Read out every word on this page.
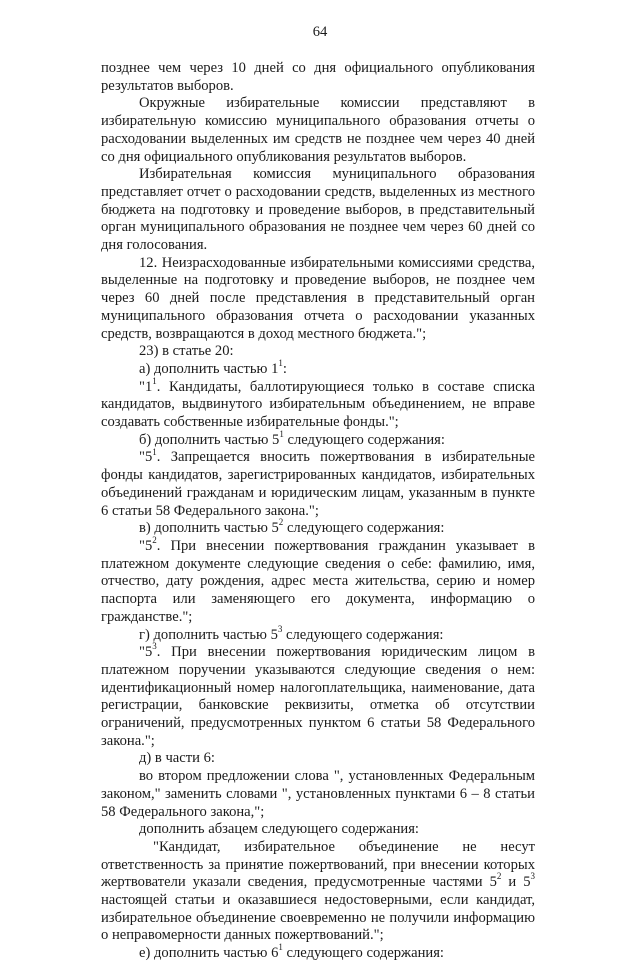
64

позднее чем через 10 дней со дня официального опубликования результатов выборов.

Окружные избирательные комиссии представляют в избирательную комиссию муниципального образования отчеты о расходовании выделенных им средств не позднее чем через 40 дней со дня официального опубликования результатов выборов.

Избирательная комиссия муниципального образования представляет отчет о расходовании средств, выделенных из местного бюджета на подготовку и проведение выборов, в представительный орган муниципального образования не позднее чем через 60 дней со дня голосования.

12. Неизрасходованные избирательными комиссиями средства, выделенные на подготовку и проведение выборов, не позднее чем через 60 дней после представления в представительный орган муниципального образования отчета о расходовании указанных средств, возвращаются в доход местного бюджета.";

23) в статье 20:

а) дополнить частью $1^1$:

"$1^1$. Кандидаты, баллотирующиеся только в составе списка кандидатов, выдвинутого избирательным объединением, не вправе создавать собственные избирательные фонды.";

б) дополнить частью $5^1$ следующего содержания:

"$5^1$. Запрещается вносить пожертвования в избирательные фонды кандидатов, зарегистрированных кандидатов, избирательных объединений гражданам и юридическим лицам, указанным в пункте 6 статьи 58 Федерального закона.";

в) дополнить частью $5^2$ следующего содержания:

"$5^2$. При внесении пожертвования гражданин указывает в платежном документе следующие сведения о себе: фамилию, имя, отчество, дату рождения, адрес места жительства, серию и номер паспорта или заменяющего его документа, информацию о гражданстве.";

г) дополнить частью $5^3$ следующего содержания:

"$5^3$. При внесении пожертвования юридическим лицом в платежном поручении указываются следующие сведения о нем: идентификационный номер налогоплательщика, наименование, дата регистрации, банковские реквизиты, отметка об отсутствии ограничений, предусмотренных пунктом 6 статьи 58 Федерального закона.";

д) в части 6:

во втором предложении слова ", установленных Федеральным законом," заменить словами ", установленных пунктами 6 – 8 статьи 58 Федерального закона,";

дополнить абзацем следующего содержания:

"Кандидат, избирательное объединение не несут ответственность за принятие пожертвований, при внесении которых жертвователи указали сведения, предусмотренные частями $5^2$ и $5^3$ настоящей статьи и оказавшиеся недостоверными, если кандидат, избирательное объединение своевременно не получили информацию о неправомерности данных пожертвований.";

е) дополнить частью $6^1$ следующего содержания:
